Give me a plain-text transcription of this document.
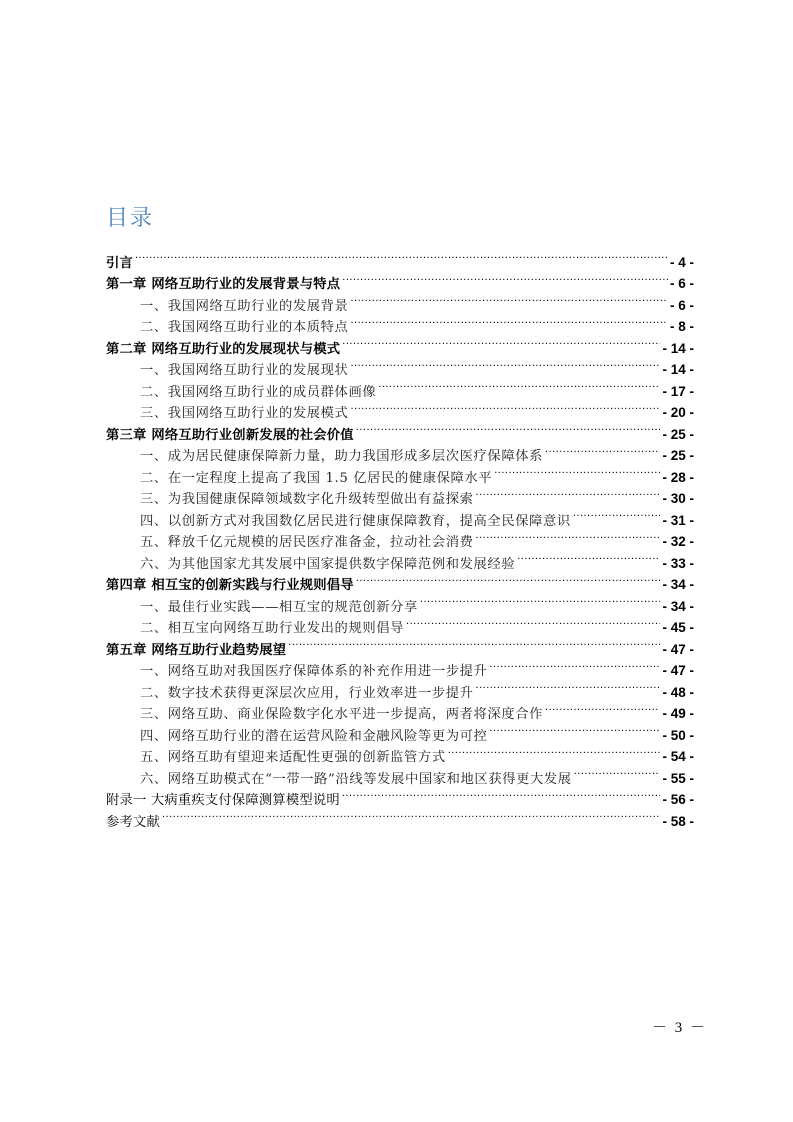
目录
引言 .....	- 4 -
第一章 网络互助行业的发展背景与特点 .....	- 6 -
一、我国网络互助行业的发展背景 .....	- 6 -
二、我国网络互助行业的本质特点 .....	- 8 -
第二章 网络互助行业的发展现状与模式 .....	- 14 -
一、我国网络互助行业的发展现状 .....	- 14 -
二、我国网络互助行业的成员群体画像 .....	- 17 -
三、我国网络互助行业的发展模式 .....	- 20 -
第三章 网络互助行业创新发展的社会价值 .....	- 25 -
一、成为居民健康保障新力量，助力我国形成多层次医疗保障体系 .....	- 25 -
二、在一定程度上提高了我国 1.5 亿居民的健康保障水平 .....	- 28 -
三、为我国健康保障领域数字化升级转型做出有益探索 .....	- 30 -
四、以创新方式对我国数亿居民进行健康保障教育，提高全民保障意识 .....	- 31 -
五、释放千亿元规模的居民医疗准备金，拉动社会消费 .....	- 32 -
六、为其他国家尤其发展中国家提供数字保障范例和发展经验 .....	- 33 -
第四章 相互宝的创新实践与行业规则倡导 .....	- 34 -
一、最佳行业实践——相互宝的规范创新分享 .....	- 34 -
二、相互宝向网络互助行业发出的规则倡导 .....	- 45 -
第五章 网络互助行业趋势展望 .....	- 47 -
一、网络互助对我国医疗保障体系的补充作用进一步提升 .....	- 47 -
二、数字技术获得更深层次应用，行业效率进一步提升 .....	- 48 -
三、网络互助、商业保险数字化水平进一步提高，两者将深度合作 .....	- 49 -
四、网络互助行业的潜在运营风险和金融风险等更为可控 .....	- 50 -
五、网络互助有望迎来适配性更强的创新监管方式 .....	- 54 -
六、网络互助模式在“一带一路”沿线等发展中国家和地区获得更大发展 .....	- 55 -
附录一 大病重疾支付保障测算模型说明 .....	- 56 -
参考文献 .....	- 58 -
－ 3 －
